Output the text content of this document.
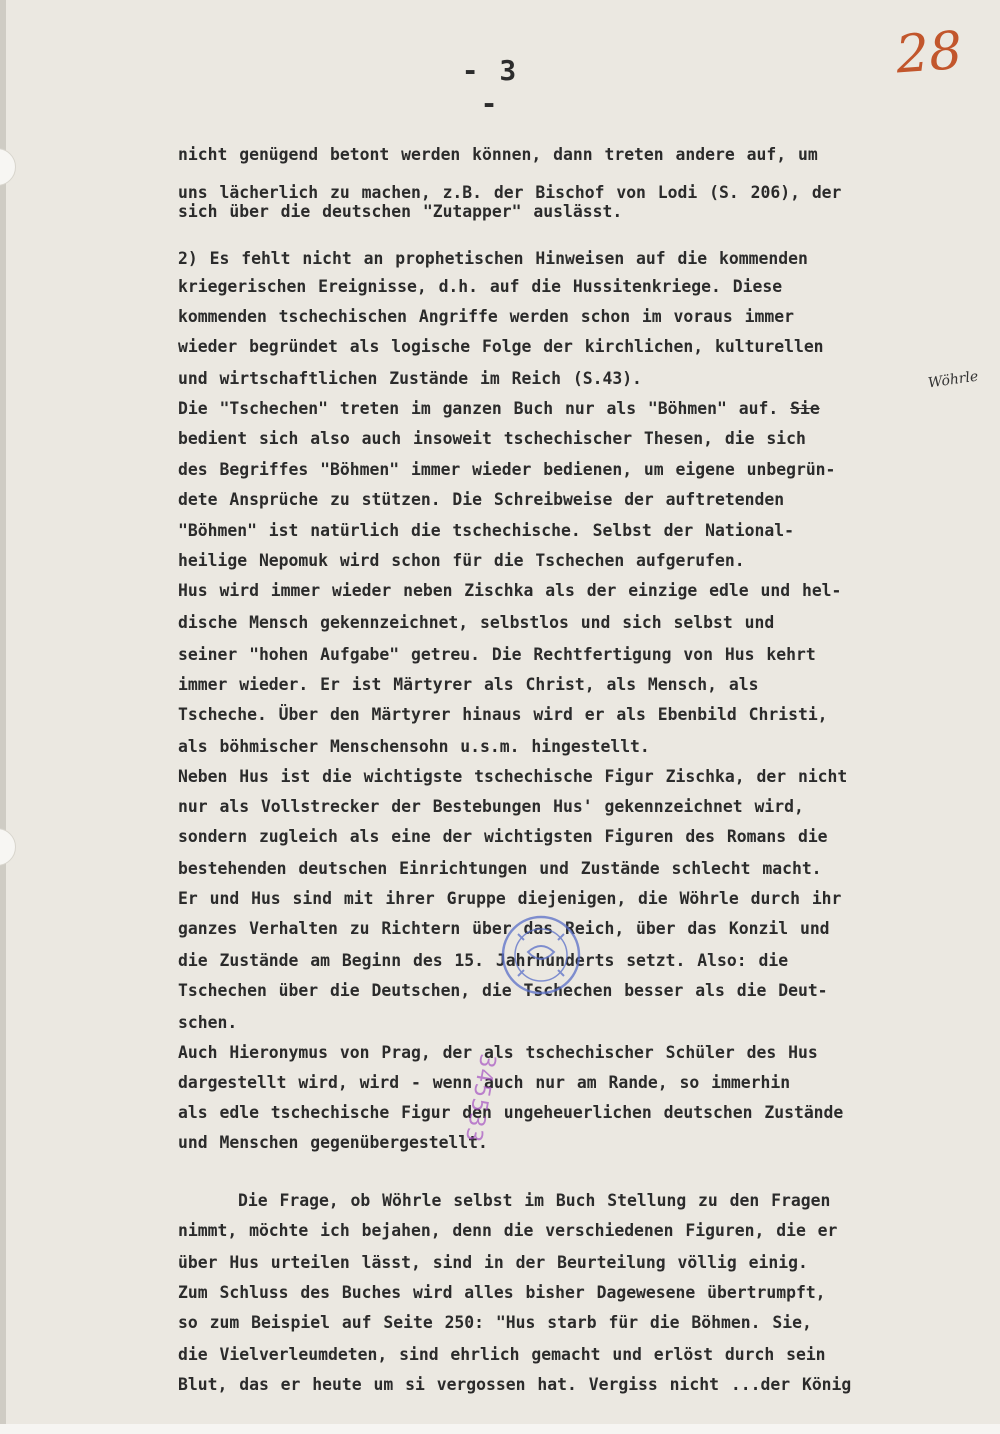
- 3 -
28
nicht genügend betont werden können, dann treten andere auf, um
uns lächerlich zu machen, z.B. der Bischof von Lodi (S. 206), der
sich über die deutschen "Zutapper" auslässt.
2) Es fehlt nicht an prophetischen Hinweisen auf die kommenden
kriegerischen Ereignisse, d.h. auf die Hussitenkriege. Diese
kommenden tschechischen Angriffe werden schon im voraus immer
wieder begründet als logische Folge der kirchlichen, kulturellen
und wirtschaftlichen Zustände im Reich (S.43).
Die "Tschechen" treten im ganzen Buch nur als "Böhmen" auf. Sie
bedient sich also auch insoweit tschechischer Thesen, die sich
des Begriffes "Böhmen" immer wieder bedienen, um eigene unbegrün-
dete Ansprüche zu stützen. Die Schreibweise der auftretenden
"Böhmen" ist natürlich die tschechische. Selbst der National-
heilige Nepomuk wird schon für die Tschechen aufgerufen.
Hus wird immer wieder neben Zischka als der einzige edle und hel-
dische Mensch gekennzeichnet, selbstlos und sich selbst und
seiner "hohen Aufgabe" getreu. Die Rechtfertigung von Hus kehrt
immer wieder. Er ist Märtyrer als Christ, als Mensch, als
Tscheche. Über den Märtyrer hinaus wird er als Ebenbild Christi,
als böhmischer Menschensohn u.s.m. hingestellt.
Neben Hus ist die wichtigste tschechische Figur Zischka, der nicht
nur als Vollstrecker der Bestebungen Hus' gekennzeichnet wird,
sondern zugleich als eine der wichtigsten Figuren des Romans die
bestehenden deutschen Einrichtungen und Zustände schlecht macht.
Er und Hus sind mit ihrer Gruppe diejenigen, die Wöhrle durch ihr
ganzes Verhalten zu Richtern über das Reich, über das Konzil und
die Zustände am Beginn des 15. Jahrhunderts setzt. Also: die
Tschechen über die Deutschen, die Tschechen besser als die Deut-
schen.
Auch Hieronymus von Prag, der als tschechischer Schüler des Hus
dargestellt wird, wird - wenn auch nur am Rande, so immerhin
als edle tschechische Figur den ungeheuerlichen deutschen Zustände
und Menschen gegenübergestellt.
Die Frage, ob Wöhrle selbst im Buch Stellung zu den Fragen
nimmt, möchte ich bejahen, denn die verschiedenen Figuren, die er
über Hus urteilen lässt, sind in der Beurteilung völlig einig.
Zum Schluss des Buches wird alles bisher Dagewesene übertrumpft,
so zum Beispiel auf Seite 250: "Hus starb für die Böhmen. Sie,
die Vielverleumdeten, sind ehrlich gemacht und erlöst durch sein
Blut, das er heute um si vergossen hat. Vergiss nicht ...der König
Wöhrle
345533
